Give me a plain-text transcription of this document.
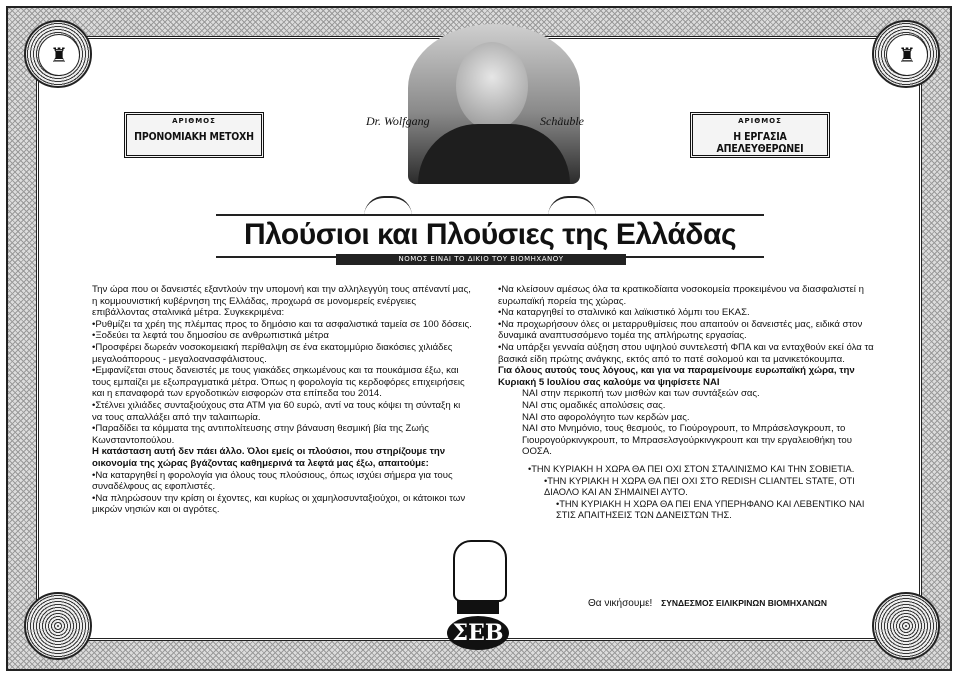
♜	♜
ΑΡΙΘΜΟΣ
ΠΡΟΝΟΜΙΑΚΗ ΜΕΤΟΧΗ
ΑΡΙΘΜΟΣ
Η ΕΡΓΑΣΙΑ ΑΠΕΛΕΥΘΕΡΩΝΕΙ
Dr. Wolfgang	Schäuble
Πλούσιοι και Πλούσιες της Ελλάδας
ΝΟΜΟΣ ΕΙΝΑΙ ΤΟ ΔΙΚΙΟ ΤΟΥ ΒΙΟΜΗΧΑΝΟΥ

Την ώρα που οι δανειστές εξαντλούν την υπομονή και την αλληλεγγύη τους απέναντί μας, η κομμουνιστική κυβέρνηση της Ελλάδας, προχωρά σε μονομερείς ενέργειες επιβάλλοντας σταλινικά μέτρα. Συγκεκριμένα:

•Ρυθμίζει τα χρέη της πλέμπας προς το δημόσιο και τα ασφαλιστικά ταμεία σε 100 δόσεις.

•Ξοδεύει τα λεφτά του δημοσίου σε ανθρωπιστικά μέτρα

•Προσφέρει δωρεάν νοσοκομειακή περίθαλψη σε ένα εκατομμύριο διακόσιες χιλιάδες μεγαλοάπορους - μεγαλοανασφάλιστους.

•Εμφανίζεται στους δανειστές με τους γιακάδες σηκωμένους και τα πουκάμισα έξω, και τους εμπαίζει με εξωπραγματικά μέτρα. Όπως η φορολογία τις κερδοφόρες επιχειρήσεις και η επαναφορά των εργοδοτικών εισφορών στα επίπεδα του 2014.

•Στέλνει χιλιάδες συνταξιούχους στα ΑΤΜ για 60 ευρώ, αντί να τους κόψει τη σύνταξη κι να τους απαλλάξει από την ταλαιπωρία.

•Παραδίδει τα κόμματα της αντιπολίτευσης στην βάναυση θεσμική βία της Ζωής Κωνσταντοπούλου.

Η κατάσταση αυτή δεν πάει άλλο. Όλοι εμείς οι πλούσιοι, που στηρίζουμε την οικονομία της χώρας βγάζοντας καθημερινά τα λεφτά μας έξω, απαιτούμε:

•Να καταργηθεί η φορολογία για όλους τους πλούσιους, όπως ισχύει σήμερα για τους συναδέλφους ας εφοπλιστές.

•Να πληρώσουν την κρίση οι έχοντες, και κυρίως οι χαμηλοσυνταξιούχοι, οι κάτοικοι των μικρών νησιών και οι αγρότες.

•Να κλείσουν αμέσως όλα τα κρατικοδίαιτα νοσοκομεία προκειμένου να διασφαλιστεί η ευρωπαϊκή πορεία της χώρας.

•Να καταργηθεί το σταλινικό και λαϊκιστικό λόμπι του ΕΚΑΣ.

•Να προχωρήσουν όλες οι μεταρρυθμίσεις που απαιτούν οι δανειστές μας, ειδικά στον δυναμικά αναπτυσσόμενο τομέα της απλήρωτης εργασίας.

•Να υπάρξει γενναία αύξηση στου υψηλού συντελεστή ΦΠΑ και να ενταχθούν εκεί όλα τα βασικά είδη πρώτης ανάγκης, εκτός από το πατέ σολομού και τα μανικετόκουμπα.

Για όλους αυτούς τους λόγους, και για να παραμείνουμε ευρωπαϊκή χώρα, την Κυριακή 5 Ιουλίου σας καλούμε να ψηφίσετε ΝΑΙ

ΝΑΙ στην περικοπή των μισθών και των συντάξεών σας.

ΝΑΙ στις ομαδικές απολύσεις σας.

ΝΑΙ στο αφορολόγητο των κερδών μας.

ΝΑΙ στο Μνημόνιο, τους θεσμούς, το Γιούρογρουπ, το Μπράσελσγκρουπ, το Γιουρογούρκινγκρουπ, το Μπρασελσγούρκινγκρουπ και την εργαλειοθήκη του ΟΟΣΑ.

•ΤΗΝ ΚΥΡΙΑΚΗ Η ΧΩΡΑ ΘΑ ΠΕΙ ΟΧΙ ΣΤΟΝ ΣΤΑΛΙΝΙΣΜΟ ΚΑΙ ΤΗΝ ΣΟΒΙΕΤΙΑ.

•ΤΗΝ ΚΥΡΙΑΚΗ Η ΧΩΡΑ ΘΑ ΠΕΙ ΟΧΙ ΣΤΟ REDISH CLIANTEL STATE, ΟΤΙ ΔΙΑΟΛΟ ΚΑΙ ΑΝ ΣΗΜΑΙΝΕΙ ΑΥΤΟ.

•ΤΗΝ ΚΥΡΙΑΚΗ Η ΧΩΡΑ ΘΑ ΠΕΙ ΕΝΑ ΥΠΕΡΗΦΑΝΟ ΚΑΙ ΛΕΒΕΝΤΙΚΟ ΝΑΙ ΣΤΙΣ ΑΠΑΙΤΗΣΕΙΣ ΤΩΝ ΔΑΝΕΙΣΤΩΝ ΤΗΣ.

ΣΕΒ
Θα νικήσουμε! ΣΥΝΔΕΣΜΟΣ ΕΙΛΙΚΡΙΝΩΝ ΒΙΟΜΗΧΑΝΩΝ
